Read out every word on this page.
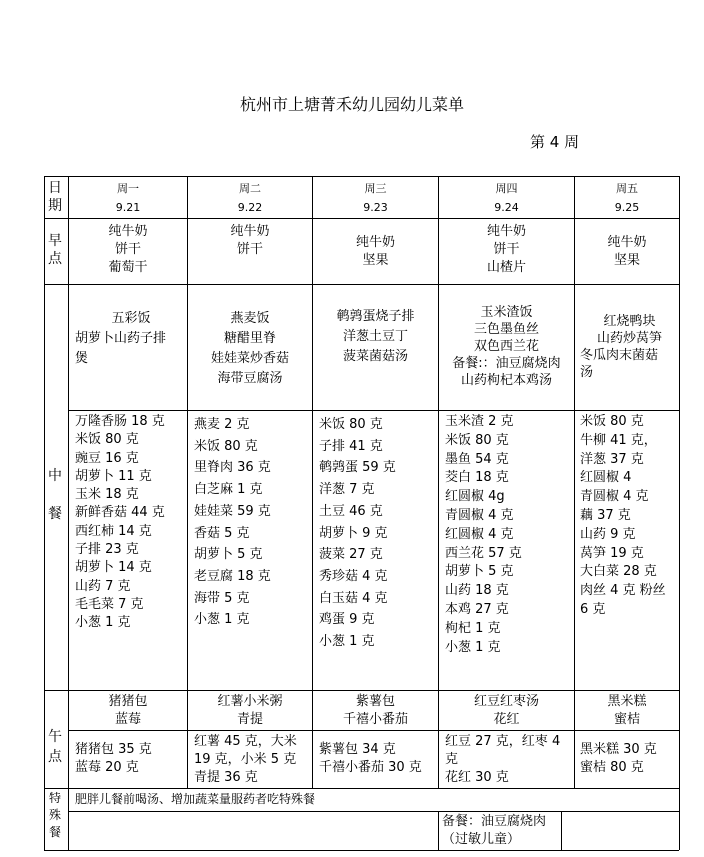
杭州市上塘菁禾幼儿园幼儿菜单
第 4 周
日期
早点
中餐
午点
特殊餐
周一
9.21
周二
9.22
周三
9.23
周四
9.24
周五
9.25
纯牛奶
饼干
葡萄干
纯牛奶
饼干	纯牛奶
坚果
纯牛奶
饼干
山楂片
纯牛奶
坚果
五彩饭
胡萝卜山药子排
煲
燕麦饭
糖醋里脊
娃娃菜炒香菇
海带豆腐汤
鹌鹑蛋烧子排
洋葱土豆丁
菠菜菌菇汤
玉米渣饭
三色墨鱼丝
双色西兰花
备餐:：油豆腐烧肉
山药枸杞本鸡汤
红烧鸭块
山药炒莴笋
冬瓜肉末菌菇
汤
万隆香肠 18 克
米饭 80 克
豌豆 16 克
胡萝卜 11 克
玉米 18 克
新鲜香菇 44 克
西红柿 14 克
子排 23 克
胡萝卜 14 克
山药 7 克
毛毛菜 7 克
小葱 1 克
燕麦 2 克
米饭 80 克
里脊肉 36 克
白芝麻 1 克
娃娃菜 59 克
香菇 5 克
胡萝卜 5 克
老豆腐 18 克
海带 5 克
小葱 1 克
米饭 80 克
子排 41 克
鹌鹑蛋 59 克
洋葱 7 克
土豆 46 克
胡萝卜 9 克
菠菜 27 克
秀珍菇 4 克
白玉菇 4 克
鸡蛋 9 克
小葱 1 克
玉米渣 2 克
米饭 80 克
墨鱼 54 克
茭白 18 克
红圆椒 4g
青圆椒 4 克
红圆椒 4 克
西兰花 57 克
胡萝卜 5 克
山药 18 克
本鸡 27 克
枸杞 1 克
小葱 1 克
米饭 80 克
牛柳 41 克，
洋葱 37 克
红圆椒 4
青圆椒 4 克
藕 37 克
山药 9 克
莴笋 19 克
大白菜 28 克
肉丝 4 克 粉丝
6 克
猪猪包
蓝莓
红薯小米粥
青提
紫薯包
千禧小番茄
红豆红枣汤
花红
黑米糕
蜜桔
猪猪包 35 克
蓝莓 20 克
红薯 45 克，大米
19 克，小米 5 克
青提 36 克
紫薯包 34 克
千禧小番茄 30 克
红豆 27 克，红枣 4
克
花红 30 克
黑米糕 30 克
蜜桔 80 克
肥胖儿餐前喝汤、增加蔬菜量服药者吃特殊餐
备餐：油豆腐烧肉
（过敏儿童）
